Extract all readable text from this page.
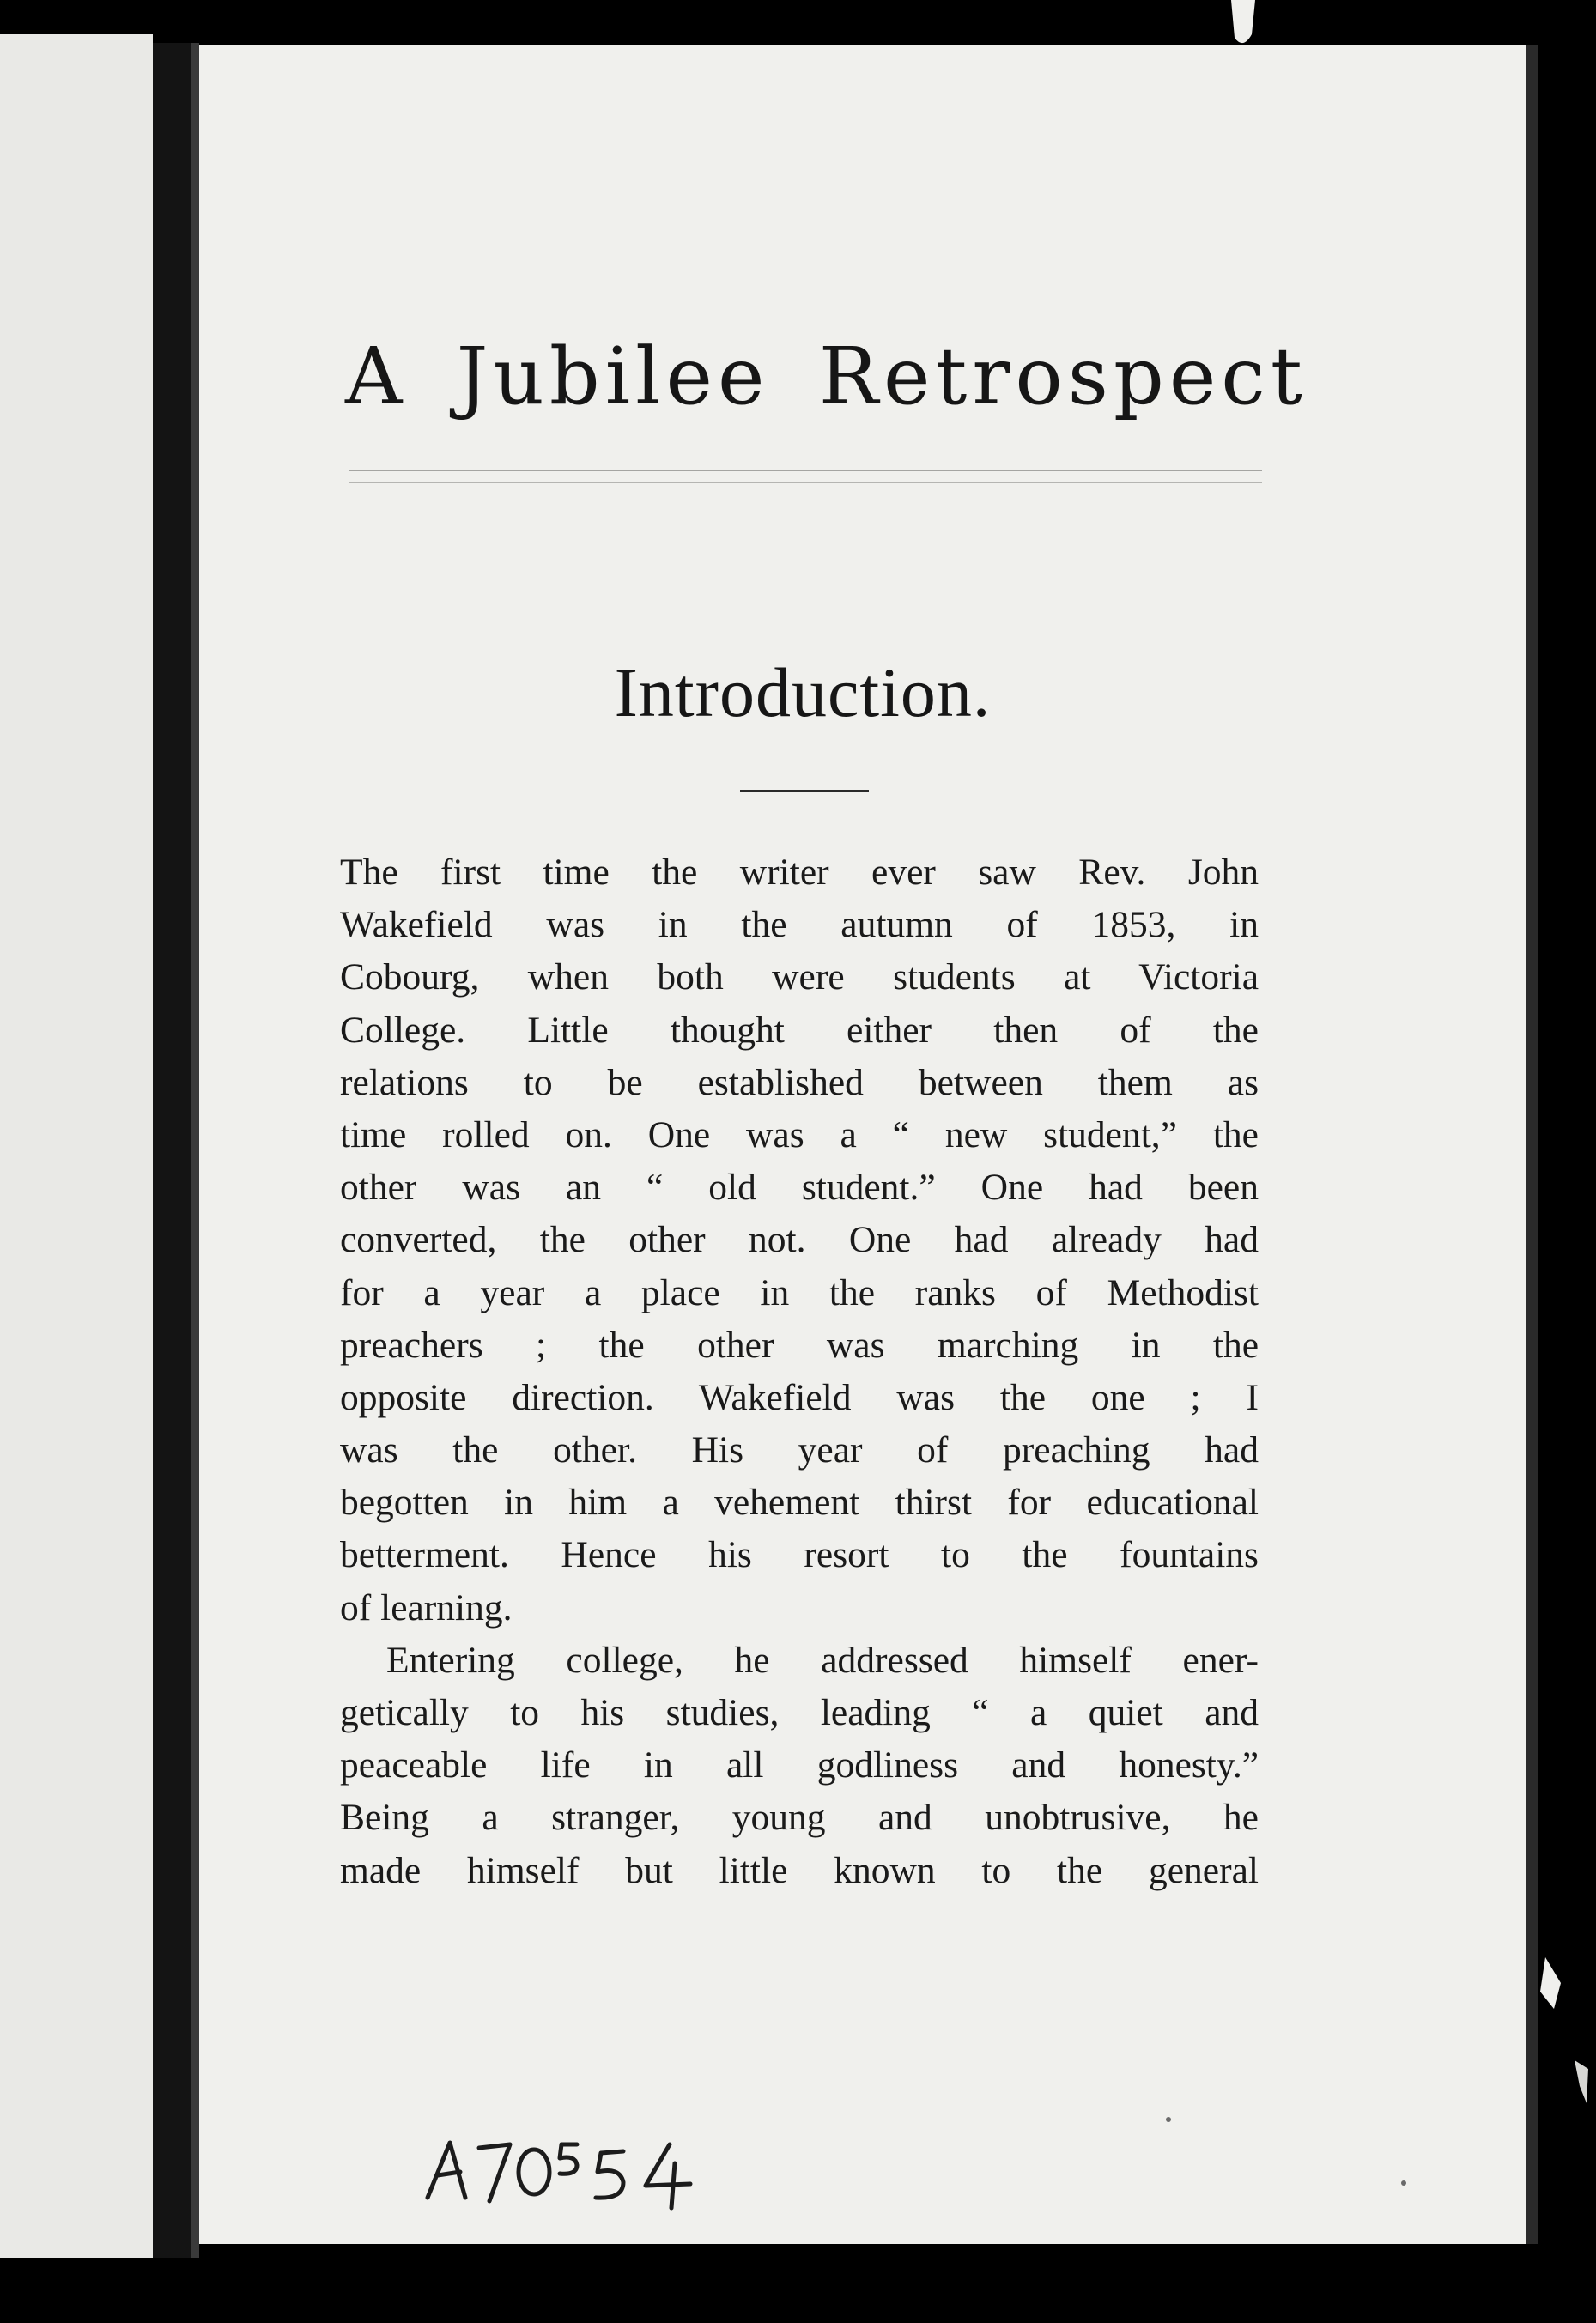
A Jubilee Retrospect
Introduction.
The first time the writer ever saw Rev. John
Wakefield was in the autumn of 1853, in
Cobourg, when both were students at Victoria
College. Little thought either then of the
relations to be established between them as
time rolled on. One was a “ new student,” the
other was an “ old student.” One had been
converted, the other not. One had already had
for a year a place in the ranks of Methodist
preachers ; the other was marching in the
opposite direction. Wakefield was the one ; I
was the other. His year of preaching had
begotten in him a vehement thirst for educational
betterment. Hence his resort to the fountains
of learning.
Entering college, he addressed himself ener-
getically to his studies, leading “ a quiet and
peaceable life in all godliness and honesty.”
Being a stranger, young and unobtrusive, he
made himself but little known to the general
